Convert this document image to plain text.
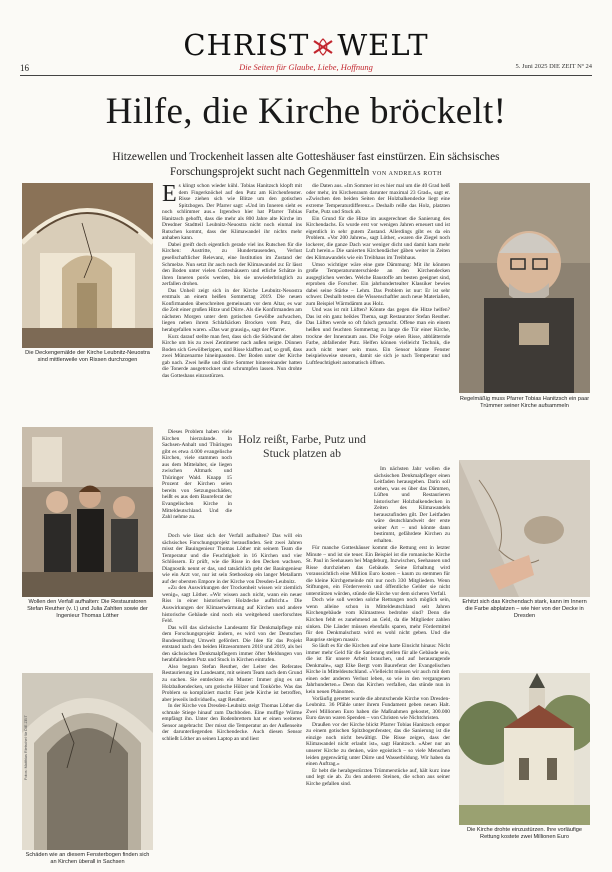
CHRIST WELT
16	Die Seiten für Glaube, Liebe, Hoffnung	5. Juni 2025 DIE ZEIT Nº 24
Hilfe, die Kirche bröckelt!
Hitzewellen und Trockenheit lassen alte Gotteshäuser fast einstürzen. Ein sächsisches Forschungsprojekt sucht nach Gegenmitteln VON ANDREAS ROTH
Die Deckengemälde der Kirche Leubnitz-Neuostra sind mittlerweile von Rissen durchzogen
Wollen den Verfall aufhalten: Die Restauratoren Stefan Reuther (v. l.) und Julia Zahlten sowie der Ingenieur Thomas Löther
Fotos: Matthias Rietschel für DIE ZEIT
Schäden wie an diesem Fensterbogen finden sich an Kirchen überall in Sachsen
Regelmäßig muss Pfarrer Tobias Hanitzsch ein paar Trümmer seiner Kirche aufsammeln
Erhitzt sich das Kirchendach stark, kann im Innern die Farbe abplatzen – wie hier von der Decke in Dresden
Die Kirche drohte einzustürzen. Ihre vorläufige Rettung kostete zwei Millionen Euro

Es klingt schon wieder kühl. Tobias Hanitzsch klopft mit dem Fingerknöchel auf den Putz am Kirchenfenster. Risse ziehen sich wie Blitze um den gotischen Spitzbogen. Der Pfarrer sagt: »Und im Inneren sieht es noch schlimmer aus.« Irgendwo hier hat Pfarrer Tobias Hanitzsch gehofft, dass die mehr als 800 Jahre alte Kirche im Dresdner Stadtteil Leubnitz-Neuostra nicht noch einmal ins Rutschen kommt, dass der Klimawandel ihr nichts mehr anhaben kann.

Dabei greift doch eigentlich gerade viel ins Rutschen für die Kirchen: Austritte, zu Hundertausenden, Verlust gesellschaftlicher Relevanz, eine Institution im Zustand der Schmelze. Nun setzt ihr auch noch der Klimawandel zu: Er lässt den Boden unter vielen Gotteshäusern und etliche Schätze in ihren Inneren porös werden, bis sie unwiederbringlich zu zerfallen drohen.

Das Unheil zeigt sich in der Kirche Leubnitz-Neuostra erstmals an einem heißen Sommertag 2019. Die neuen Konfirmanden überschreiten gemeinsam vor dem Altar, es war die Zeit einer großen Hitze und Dürre. Als die Konfirmanden am nächsten Morgen unter dem gotischen Gewölbe aufwachen, liegen neben ihrem Schlafsäcken Brocken vom Putz, die herabgefallen waren. »Das war grausig«, sagt der Pfarrer.

Kurz darauf stellte man fest, dass sich die Südwand der alten Kirche um bis zu zwei Zentimeter nach außen neigte. Dünnen Boden sich Gewölberippen, und Risse klafften auf, so groß, dass zwei Münzenarme hineinpassten. Der Boden unter der Kirche gab nach. Zwei heiße und dürre Sommer hintereinander hatten die Tonerde ausgetrocknet und schrumpfen lassen. Nun drohte das Gotteshaus einzustürzen.

Dieses Problem haben viele Kirchen hierzulande. In Sachsen-Anhalt und Thüringen gibt es etwa 4.000 evangelische Kirchen, viele stammen noch aus dem Mittelalter, sie liegen zwischen Altmark und Thüringer Wald. Knapp 15 Prozent der Kirchen seien bereits von Setzungsschäden, heißt es aus dem Baureferat der Evangelischen Kirche in Mitteldeutschland. Und die Zahl nehme zu.

Doch wie lässt sich der Verfall aufhalten? Das will ein sächsisches Forschungsprojekt herausfinden. Seit zwei Jahren misst der Bauingenieur Thomas Löther mit seinem Team die Temperatur und die Feuchtigkeit in 16 Kirchen und vier Schlössern. Er prüft, wie die Risse in den Decken wachsen. Diagnostik nennt er das, und tatsächlich geht der Bauingenieur wie ein Arzt vor, nur ist sein Stethoskop ein langer Metallarm auf der obersten Empore in der Kirche von Dresden-Leubnitz.

»Zu den Auswirkungen der Trockenheit wissen wir ziemlich wenig«, sagt Löther. »Wir wissen auch nicht, wann ein neuer Riss in einer historischen Holzdecke aufbricht.« Die Auswirkungen der Klimaerwärmung auf Kirchen und andere historische Gebäude sind noch ein weitgehend unerforschtes Feld.

Das will das sächsische Landesamt für Denkmalpflege mit dem Forschungsprojekt ändern, es wird von der Deutschen Bundesstiftung Umwelt gefördert. Die Idee für das Projekt entstand nach den beiden Hitzesommern 2018 und 2019, als bei den sächsischen Denkmalpflegern immer öfter Meldungen von herabfallendem Putz und Stuck in Kirchen eintrafen.

Also begann Stefan Reuther, der Leiter des Referates Restaurierung im Landesamt, mit seinem Team nach dem Grund zu suchen. Sie entdeckten ein Muster: Immer ging es um Holzbalkendecken, um gotische Hölzer und Tonkörbe. Was das Problem so kompliziert macht: Fast jede Kirche ist betroffen, aber jeweils individuell«, sagt Reuther.

In der Kirche von Dresden-Leubnitz steigt Thomas Löther die schmale Stiege hinauf zum Dachboden. Eine muffige Wärme empfängt ihn. Unter den Bodenbrettern hat er einen weiteren Sensor angebracht: Der misst die Temperatur an der Außenseite der darunterliegenden Kirchendecke. Auch diesen Sensor schließt Löther an seinen Laptop an und liest

Holz reißt, Farbe, Putz und Stuck platzen ab

die Daten aus. »Im Sommer ist es hier mal um die 40 Grad heiß oder mehr, im Kirchenraum darunter maximal 23 Grad«, sagt er. »Zwischen den beiden Seiten der Holzbalkendecke liegt eine extreme Temperaturdifferenz.« Deshalb reiße das Holz, platzten Farbe, Putz und Stuck ab.

Ein Grund für die Hitze im ausgerechnet die Sanierung des Kirchendachs. Es wurde erst vor wenigen Jahren erneuert und ist eigentlich in sehr gutem Zustand. Allerdings gibt es da ein Problem. »Vor 200 Jahren«, sagt Löther, »waren die Ziegel noch lockerer, die ganze Dach war weniger dicht und damit kam mehr Luft herein.« Die sanierten Kirchendächer gäben weiter in Zeiten des Klimawandels wie ein Treibhaus im Treibhaus.

Umso wichtiger wäre eine gute Dämmung: Mit ihr könnten große Temperaturunterschiede an den Kirchendecken ausgeglichen werden. Welche Baustoffe am besten geeignet sind, erproben die Forscher. Ein jahrhundertealter Klassiker bewies dabei seine Stärke – Lehm. Das Problem ist nur: Er ist sehr schwer. Deshalb testen die Wissenschaftler auch neue Materialien, zum Beispiel Wärmdämm aus Holz.

Und was ist mit Lüften? Könnte das gegen die Hitze helfen? Das ist ein ganz heikles Thema, sagt Restaurator Stefan Reuther. Das Lüften werde so oft falsch gemacht. Offene man ein einem heißen und feuchten Sommertag zu lange die Tür einer Kirche, trockne der Innenraum aus. Die Folge seien Risse, abblätternde Farbe, abfallender Putz. Helfen können vielleicht Technik, die auch nicht teuer sein muss. Ein Sensor könnte Fenster beispielsweise steuern, damit sie sich je nach Temperatur und Luftfeuchtigkeit automatisch öffnen.

Im nächsten Jahr wollen die sächsischen Denkmalpfleger einen Leitfaden herausgeben. Darin soll stehen, was es über das Dämmen, Lüften und Restaurieren historischer Holzbalkendecken in Zeiten des Klimawandels herauszufinden gilt. Der Leitfaden wäre deutschlandweit der erste seiner Art – und könnte dann bestimmt, gefährdete Kirchen zu erhalten.

Für manche Gotteshäuser kommt die Rettung erst in letzter Minute – und ist sie teuer. Ein Beispiel ist die romanische Kirche St. Paul in Seehausen bei Magdeburg. Inzwischen, Seehausen und Risse durchziehen das Gebäude. Seine Erhaltung wird voraussichtlich eine Million Euro kosten – kaum zu stemmen für die kleine Kirchgemeinde mit nur noch 330 Mitgliedern. Wenn Stiftungen, ein Förderverein und öffentliche Gelder sie nicht unterstützen würden, stünde die Kirche vor dem sicheren Verfall.

Doch wie soll werden solche Rettungen noch möglich sein, wenn alleine schon in Mitteldeutschland seit Jahren Kirchengebäude vom Klimastress bedrohte sind? Denn die Kirchen fehlt es zunehmend an Geld, da die Mitglieder zahlen sinken. Die Länder müssen ebenfalls sparen, mehr Fördermittel für den Denkmalschutz wird es wohl nicht geben. Und die Bauprise steigen massiv.

So läuft es für die Kirchen auf eine harte Einsicht hinaus: Nicht immer mehr Geld für die Sanierung stellen für alle Gebäude sein, die ist für unsere Arbeit brauchen, und auf herausragende Denkmale«, sagt Elke Bergt vom Baureferat der Evangelischen Kirche in Mitteldeutschland. »Vielleicht müssen wir auch mit dem einen oder anderen Verlust leben, so wie in den vergangenen Jahrhunderten.« Denn das Kirchen verfallen, das stünde nun in kein neuen Phänomen.

Vorläufig gerettet wurde die abrutschende Kirche von Dresden-Leubnitz. 36 Pfähle unter ihrem Fundament geben neuen Halt. Zwei Millionen Euro haben die Maßnahmen gekostet, 300.000 Euro davon waren Spenden – von Christen wie Nichtchristen.

Draußen vor der Kirche blickt Pfarrer Tobias Hanitzsch empor zu einem gotischen Spitzbogenfenster, das die Sanierung ist die einzige noch nicht bewältigt. Die Risse zeigen, dass der Klimawandel nicht erlaubt ist«, sagt Hanitzsch. »Aber nur an unserer Kirche zu denken, wäre egoistisch – so viele Menschen leiden gegenwärtig unter Dürre und Wasserbildung. Wir haben da einen Auftrag.«

Er hebt die herabgestürzten Trümmerstücke auf, hält kurz inne und legt sie ab. Zu den anderen Steinen, die schon aus seiner Kirche gefallen sind.
